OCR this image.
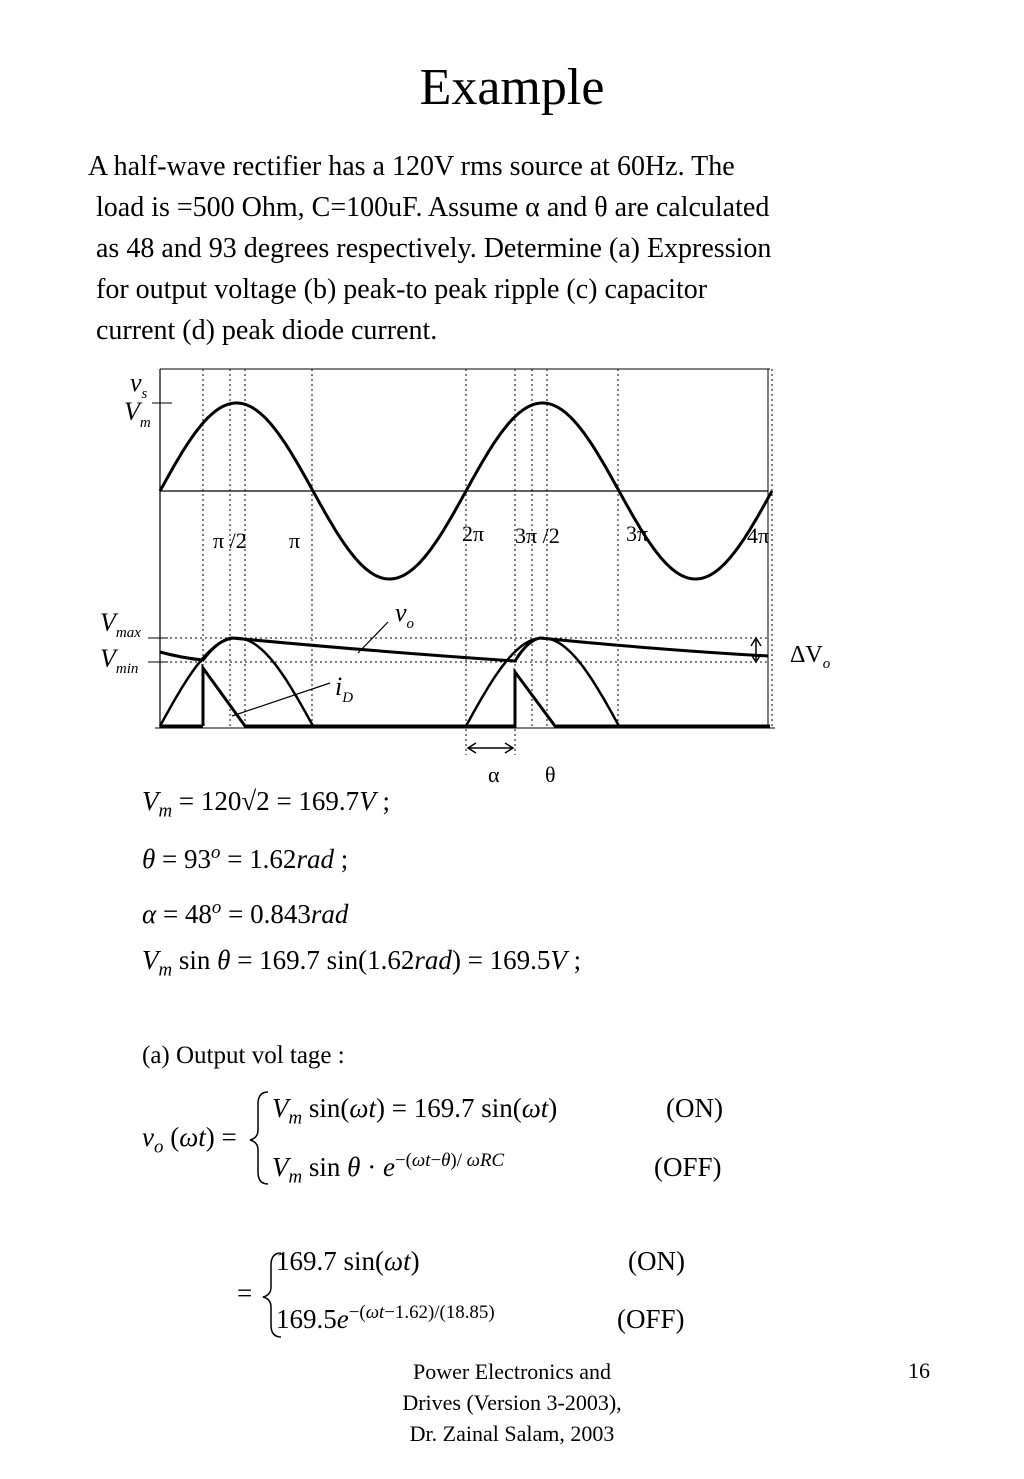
Example
A half-wave rectifier has a 120V rms source at 60Hz. The
load is =500 Ohm, C=100uF. Assume α and θ are calculated
as 48 and 93 degrees respectively. Determine (a) Expression
for output voltage (b) peak-to peak ripple (c) capacitor
current (d) peak diode current.
$v_s$
$V_m$
π /2 π	2π 3π /2	3π	4π
$v_o$
$V_{max}$
$V_{min}$
$i_D$
$\Delta V_o$
α θ
$V_m = 120√2 = 169.7V$ ;
$\theta = 93^o = 1.62rad$ ;
$\alpha = 48^o = 0.843rad$
$V_m$ sin θ = 169.7 sin(1.62rad) = 169.5V ;
(a) Output vol tage :
$v_o$ (ωt) =
$V_m$ sin(ωt) = 169.7 sin(ωt)	(ON)
$V_m$ $\sin \theta \cdot e^{-(\omega t-\theta)/ \omega RC}$	(OFF)
=
169.7 sin(ωt)	(ON)
$169.5e^{-(\omega t-1.62)/(18.85)}$	(OFF)
Power Electronics and
Drives (Version 3-2003),
Dr. Zainal Salam, 2003
16
